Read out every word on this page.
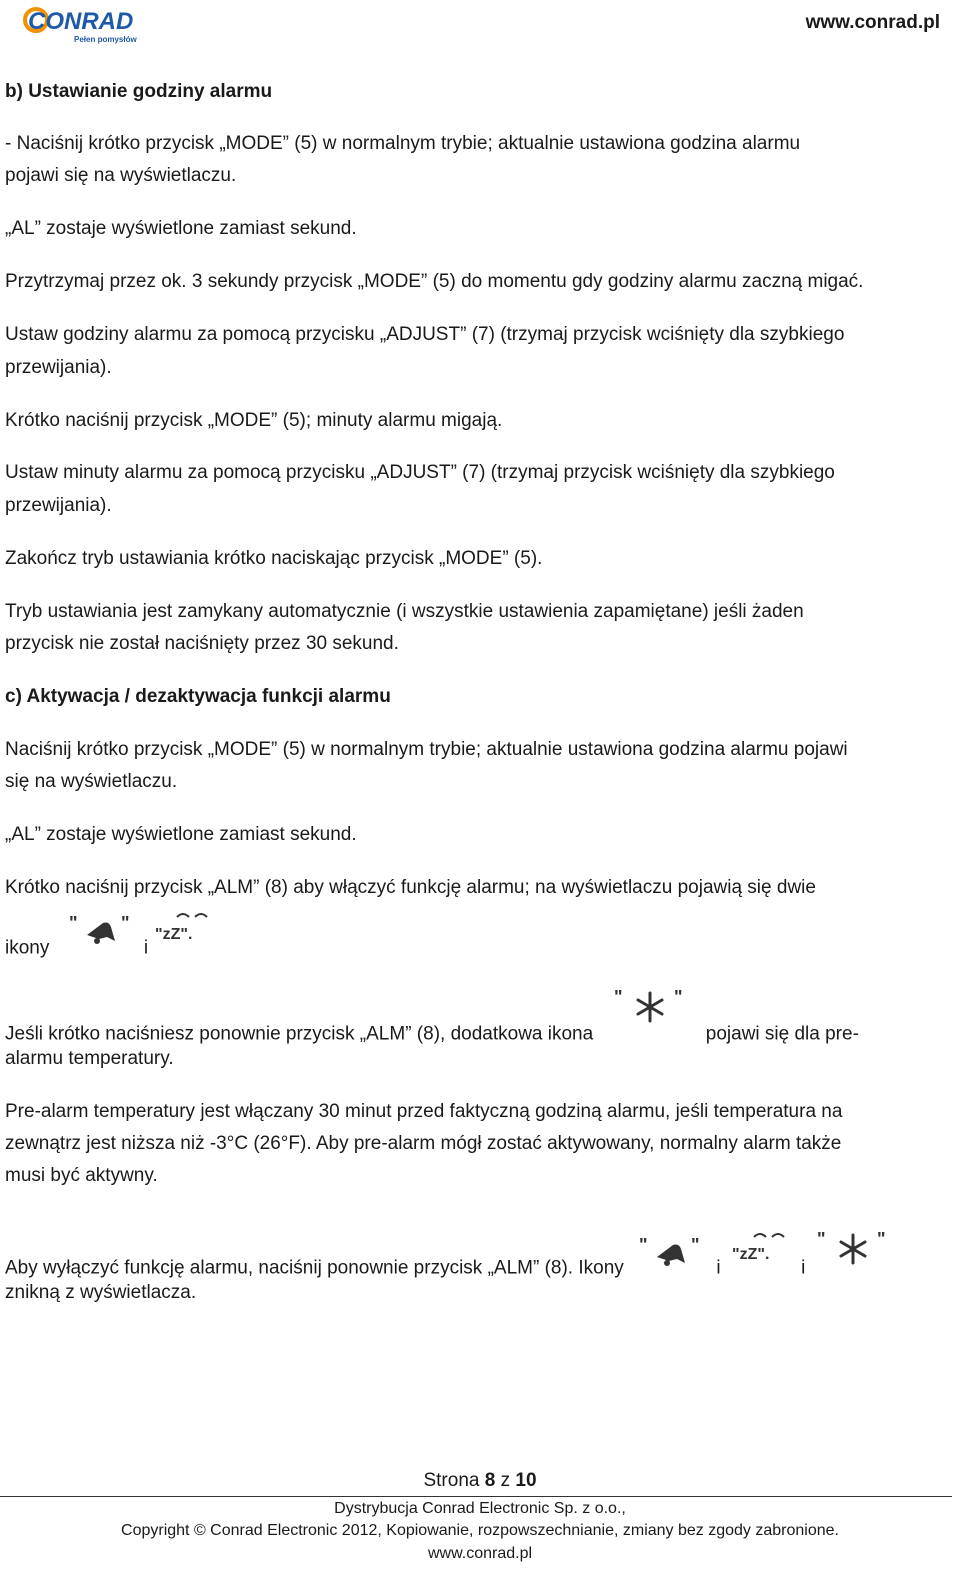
CONRAD
Pełen pomysłów
www.conrad.pl

b) Ustawianie godziny alarmu

- Naciśnij krótko przycisk „MODE” (5) w normalnym trybie; aktualnie ustawiona godzina alarmu

pojawi się na wyświetlaczu.

„AL” zostaje wyświetlone zamiast sekund.

Przytrzymaj przez ok. 3 sekundy przycisk „MODE” (5) do momentu gdy godziny alarmu zaczną migać.

Ustaw godziny alarmu za pomocą przycisku „ADJUST” (7) (trzymaj przycisk wciśnięty dla szybkiego

przewijania).

Krótko naciśnij przycisk „MODE” (5); minuty alarmu migają.

Ustaw minuty alarmu za pomocą przycisku „ADJUST” (7) (trzymaj przycisk wciśnięty dla szybkiego

przewijania).

Zakończ tryb ustawiania krótko naciskając przycisk „MODE” (5).

Tryb ustawiania jest zamykany automatycznie (i wszystkie ustawienia zapamiętane) jeśli żaden

przycisk nie został naciśnięty przez 30 sekund.

c) Aktywacja / dezaktywacja funkcji alarmu

Naciśnij krótko przycisk „MODE” (5) w normalnym trybie; aktualnie ustawiona godzina alarmu pojawi

się na wyświetlaczu.

„AL” zostaje wyświetlone zamiast sekund.

Krótko naciśnij przycisk „ALM” (8) aby włączyć funkcję alarmu; na wyświetlaczu pojawią się dwie

ikony
" "
i
"zZ".

Jeśli krótko naciśniesz ponownie przycisk „ALM” (8), dodatkowa ikona
"	"
pojawi się dla pre-

alarmu temperatury.

Pre-alarm temperatury jest włączany 30 minut przed faktyczną godziną alarmu, jeśli temperatura na

zewnątrz jest niższa niż -3°C (26°F). Aby pre-alarm mógł zostać aktywowany, normalny alarm także

musi być aktywny.

Aby wyłączyć funkcję alarmu, naciśnij ponownie przycisk „ALM” (8). Ikony
" "
i
"zZ".
i
"	"

znikną z wyświetlacza.

Strona 8 z 10
Dystrybucja Conrad Electronic Sp. z o.o.,
Copyright © Conrad Electronic 2012, Kopiowanie, rozpowszechnianie, zmiany bez zgody zabronione.
www.conrad.pl
